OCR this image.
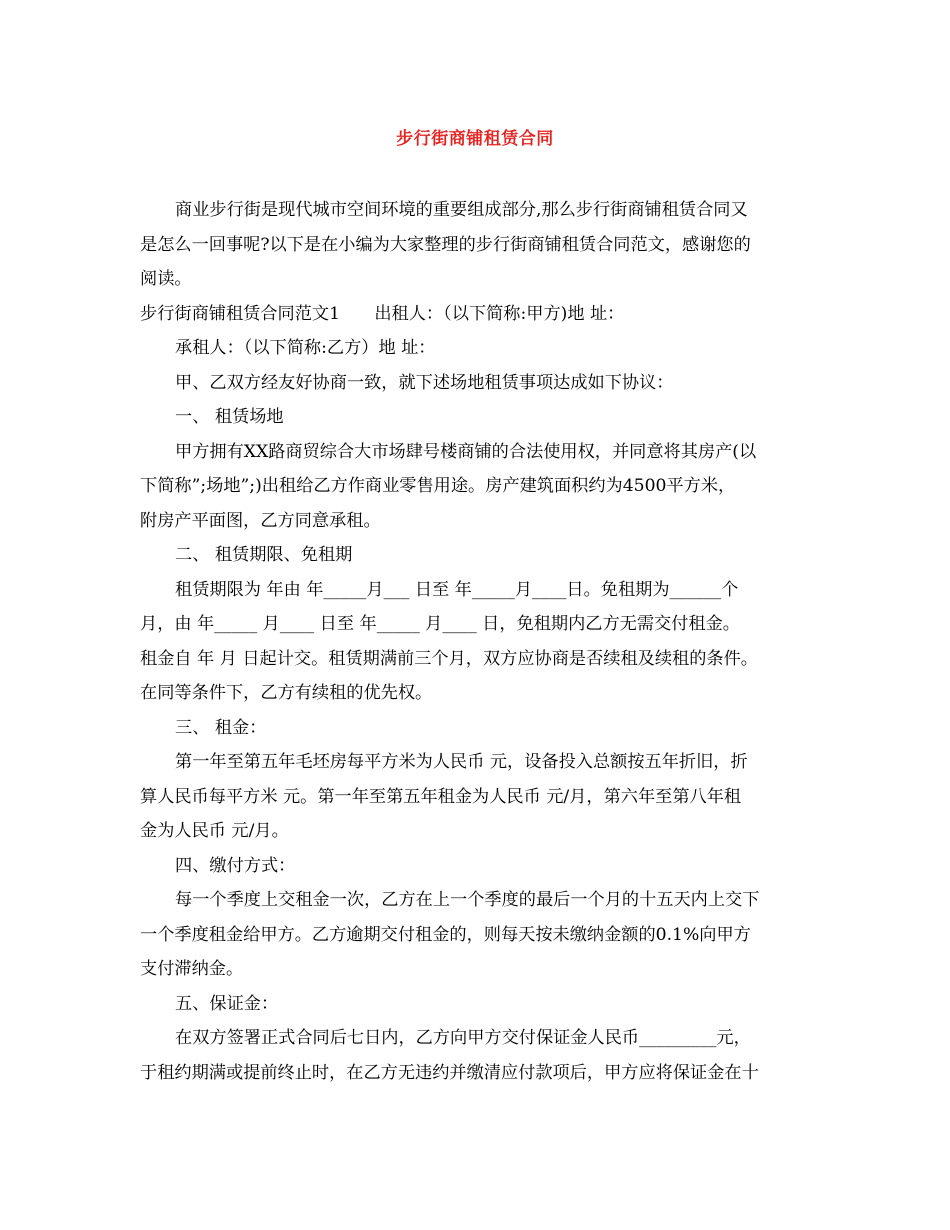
步行街商铺租赁合同
商业步行街是现代城市空间环境的重要组成部分,那么步行街商铺租赁合同又
是怎么一回事呢?以下是在小编为大家整理的步行街商铺租赁合同范文，感谢您的
阅读。
步行街商铺租赁合同范文1　　出租人：（以下简称:甲方)地 址：
承租人：（以下简称:乙方）地 址：
甲、乙双方经友好协商一致，就下述场地租赁事项达成如下协议：
一、 租赁场地
甲方拥有XX路商贸综合大市场肆号楼商铺的合法使用权，并同意将其房产(以
下简称”;场地”;)出租给乙方作商业零售用途。房产建筑面积约为4500平方米，
附房产平面图，乙方同意承租。
二、 租赁期限、免租期
租赁期限为 年由 年_____月___ 日至 年_____月____日。免租期为______个
月，由 年_____ 月____ 日至 年_____ 月____ 日，免租期内乙方无需交付租金。
租金自 年 月 日起计交。租赁期满前三个月，双方应协商是否续租及续租的条件。
在同等条件下，乙方有续租的优先权。
三、 租金：
第一年至第五年毛坯房每平方米为人民币 元，设备投入总额按五年折旧，折
算人民币每平方米 元。第一年至第五年租金为人民币 元/月，第六年至第八年租
金为人民币 元/月。
四、缴付方式：
每一个季度上交租金一次，乙方在上一个季度的最后一个月的十五天内上交下
一个季度租金给甲方。乙方逾期交付租金的，则每天按未缴纳金额的0.1%向甲方
支付滞纳金。
五、保证金：
在双方签署正式合同后七日内，乙方向甲方交付保证金人民币_________元，
于租约期满或提前终止时，在乙方无违约并缴清应付款项后，甲方应将保证金在十
